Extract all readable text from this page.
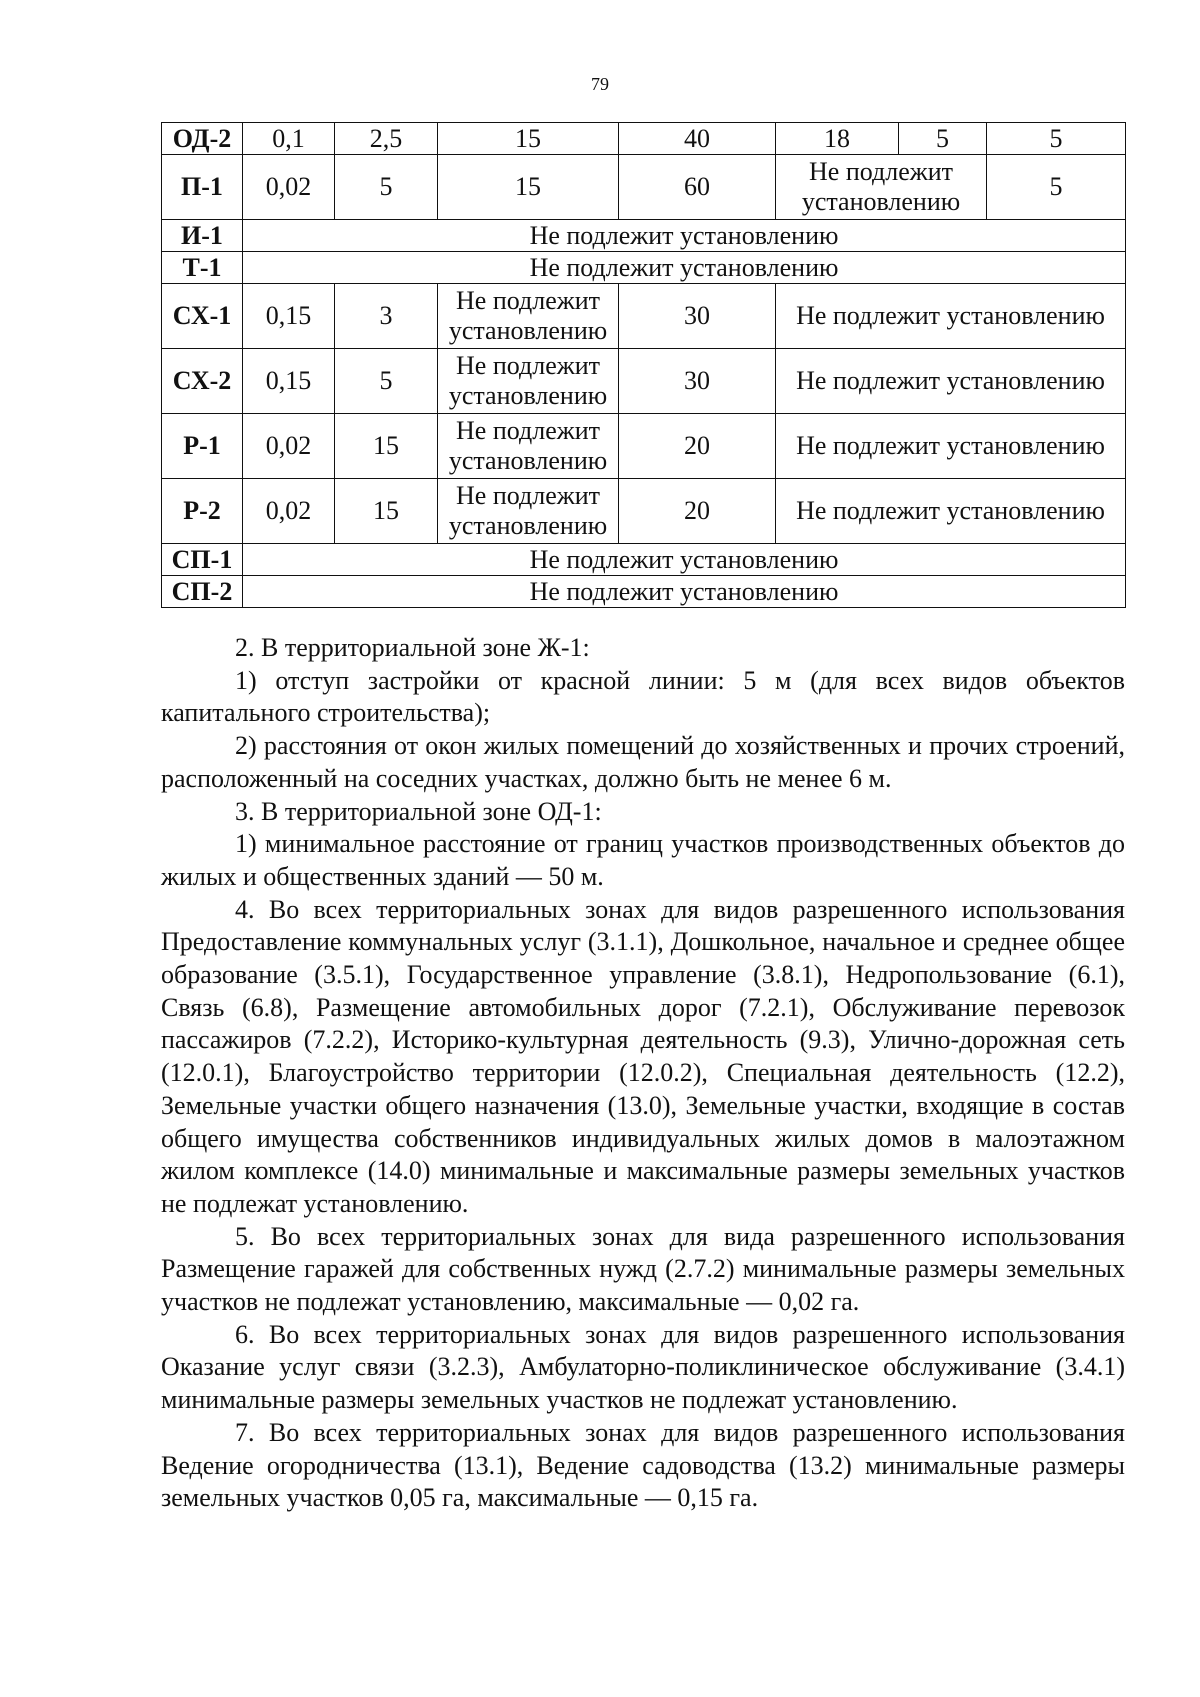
79
ОД-2	0,1	2,5	15	40	18	5	5
П-1	0,02	5	15	60	Не подлежит установлению		5
И-1	Не подлежит установлению						
Т-1	Не подлежит установлению						
СХ-1	0,15	3	Не подлежит установлению	30	Не подлежит установлению		
СХ-2	0,15	5	Не подлежит установлению	30	Не подлежит установлению		
Р-1	0,02	15	Не подлежит установлению	20	Не подлежит установлению		
Р-2	0,02	15	Не подлежит установлению	20	Не подлежит установлению		
СП-1	Не подлежит установлению						
СП-2	Не подлежит установлению						

2. В территориальной зоне Ж-1:

1) отступ застройки от красной линии: 5 м (для всех видов объектов капитального строительства);

2) расстояния от окон жилых помещений до хозяйственных и прочих строений, расположенный на соседних участках, должно быть не менее 6 м.

3. В территориальной зоне ОД-1:

1) минимальное расстояние от границ участков производственных объектов до жилых и общественных зданий — 50 м.

4. Во всех территориальных зонах для видов разрешенного использования Предоставление коммунальных услуг (3.1.1), Дошкольное, начальное и среднее общее образование (3.5.1), Государственное управление (3.8.1), Недропользование (6.1), Связь (6.8), Размещение автомобильных дорог (7.2.1), Обслуживание перевозок пассажиров (7.2.2), Историко-культурная деятельность (9.3), Улично-дорожная сеть (12.0.1), Благоустройство территории (12.0.2), Специальная деятельность (12.2), Земельные участки общего назначения (13.0), Земельные участки, входящие в состав общего имущества собственников индивидуальных жилых домов в малоэтажном жилом комплексе (14.0) минимальные и максимальные размеры земельных участков не подлежат установлению.

5. Во всех территориальных зонах для вида разрешенного использования Размещение гаражей для собственных нужд (2.7.2) минимальные размеры земельных участков не подлежат установлению, максимальные — 0,02 га.

6. Во всех территориальных зонах для видов разрешенного использования Оказание услуг связи (3.2.3), Амбулаторно-поликлиническое обслуживание (3.4.1) минимальные размеры земельных участков не подлежат установлению.

7. Во всех территориальных зонах для видов разрешенного использования Ведение огородничества (13.1), Ведение садоводства (13.2) минимальные размеры земельных участков 0,05 га, максимальные — 0,15 га.
